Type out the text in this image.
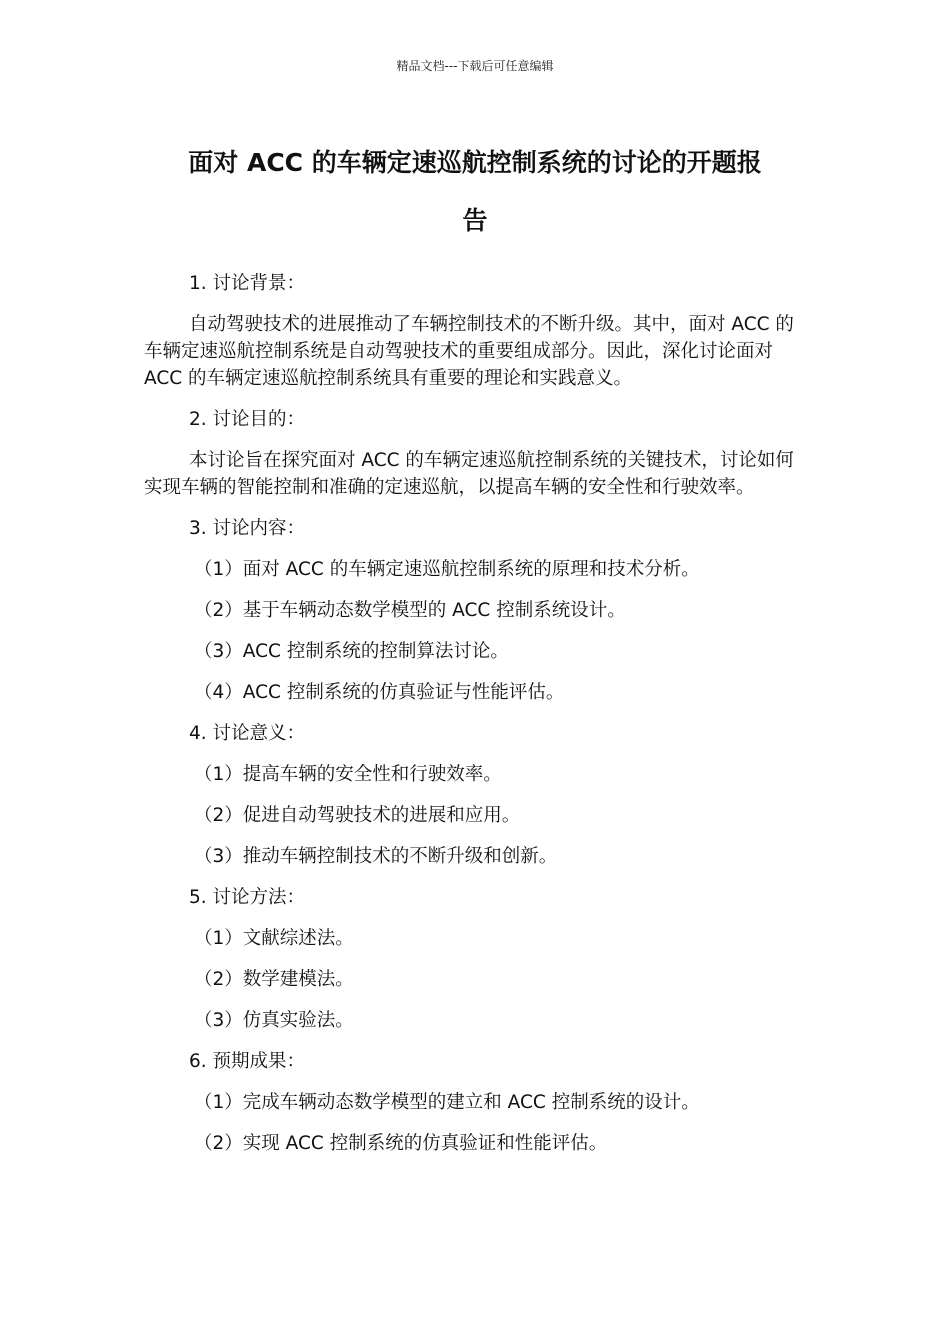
精品文档---下载后可任意编辑
面对 ACC 的车辆定速巡航控制系统的讨论的开题报
告
1. 讨论背景：
自动驾驶技术的进展推动了车辆控制技术的不断升级。其中，面对 ACC 的车辆定速巡航控制系统是自动驾驶技术的重要组成部分。因此，深化讨论面对 ACC 的车辆定速巡航控制系统具有重要的理论和实践意义。
2. 讨论目的：
本讨论旨在探究面对 ACC 的车辆定速巡航控制系统的关键技术，讨论如何实现车辆的智能控制和准确的定速巡航，以提高车辆的安全性和行驶效率。
3. 讨论内容：
（1）面对 ACC 的车辆定速巡航控制系统的原理和技术分析。
（2）基于车辆动态数学模型的 ACC 控制系统设计。
（3）ACC 控制系统的控制算法讨论。
（4）ACC 控制系统的仿真验证与性能评估。
4. 讨论意义：
（1）提高车辆的安全性和行驶效率。
（2）促进自动驾驶技术的进展和应用。
（3）推动车辆控制技术的不断升级和创新。
5. 讨论方法：
（1）文献综述法。
（2）数学建模法。
（3）仿真实验法。
6. 预期成果：
（1）完成车辆动态数学模型的建立和 ACC 控制系统的设计。
（2）实现 ACC 控制系统的仿真验证和性能评估。
